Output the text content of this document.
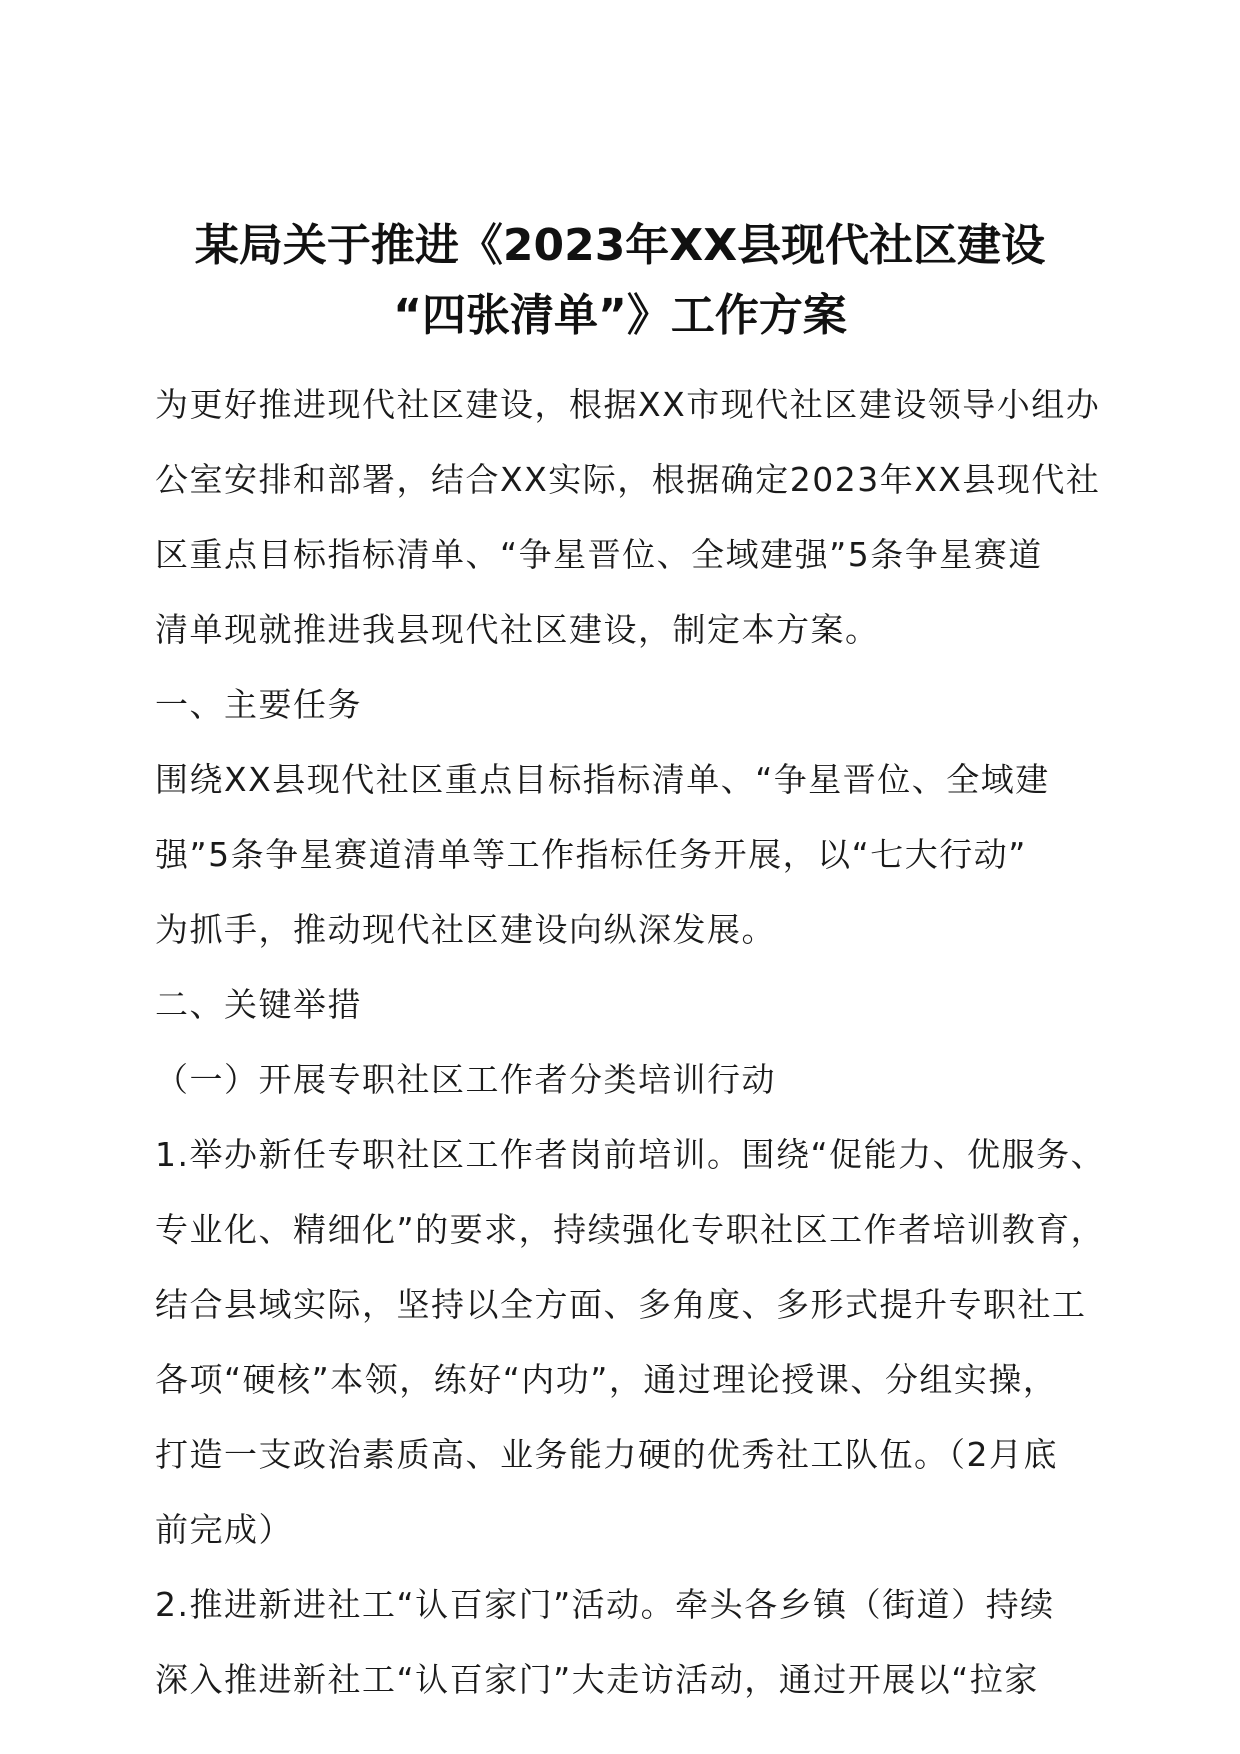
某局关于推进《2023年XX县现代社区建设
“四张清单”》工作方案
为更好推进现代社区建设，根据XX市现代社区建设领导小组办
公室安排和部署，结合XX实际，根据确定2023年XX县现代社
区重点目标指标清单、“争星晋位、全域建强”5条争星赛道
清单现就推进我县现代社区建设，制定本方案。
一、主要任务
围绕XX县现代社区重点目标指标清单、“争星晋位、全域建
强”5条争星赛道清单等工作指标任务开展，以“七大行动”
为抓手，推动现代社区建设向纵深发展。
二、关键举措
（一）开展专职社区工作者分类培训行动
1.举办新任专职社区工作者岗前培训。围绕“促能力、优服务、
专业化、精细化”的要求，持续强化专职社区工作者培训教育，
结合县域实际，坚持以全方面、多角度、多形式提升专职社工
各项“硬核”本领，练好“内功”，通过理论授课、分组实操，
打造一支政治素质高、业务能力硬的优秀社工队伍。（2月底
前完成）
2.推进新进社工“认百家门”活动。牵头各乡镇（街道）持续
深入推进新社工“认百家门”大走访活动，通过开展以“拉家
